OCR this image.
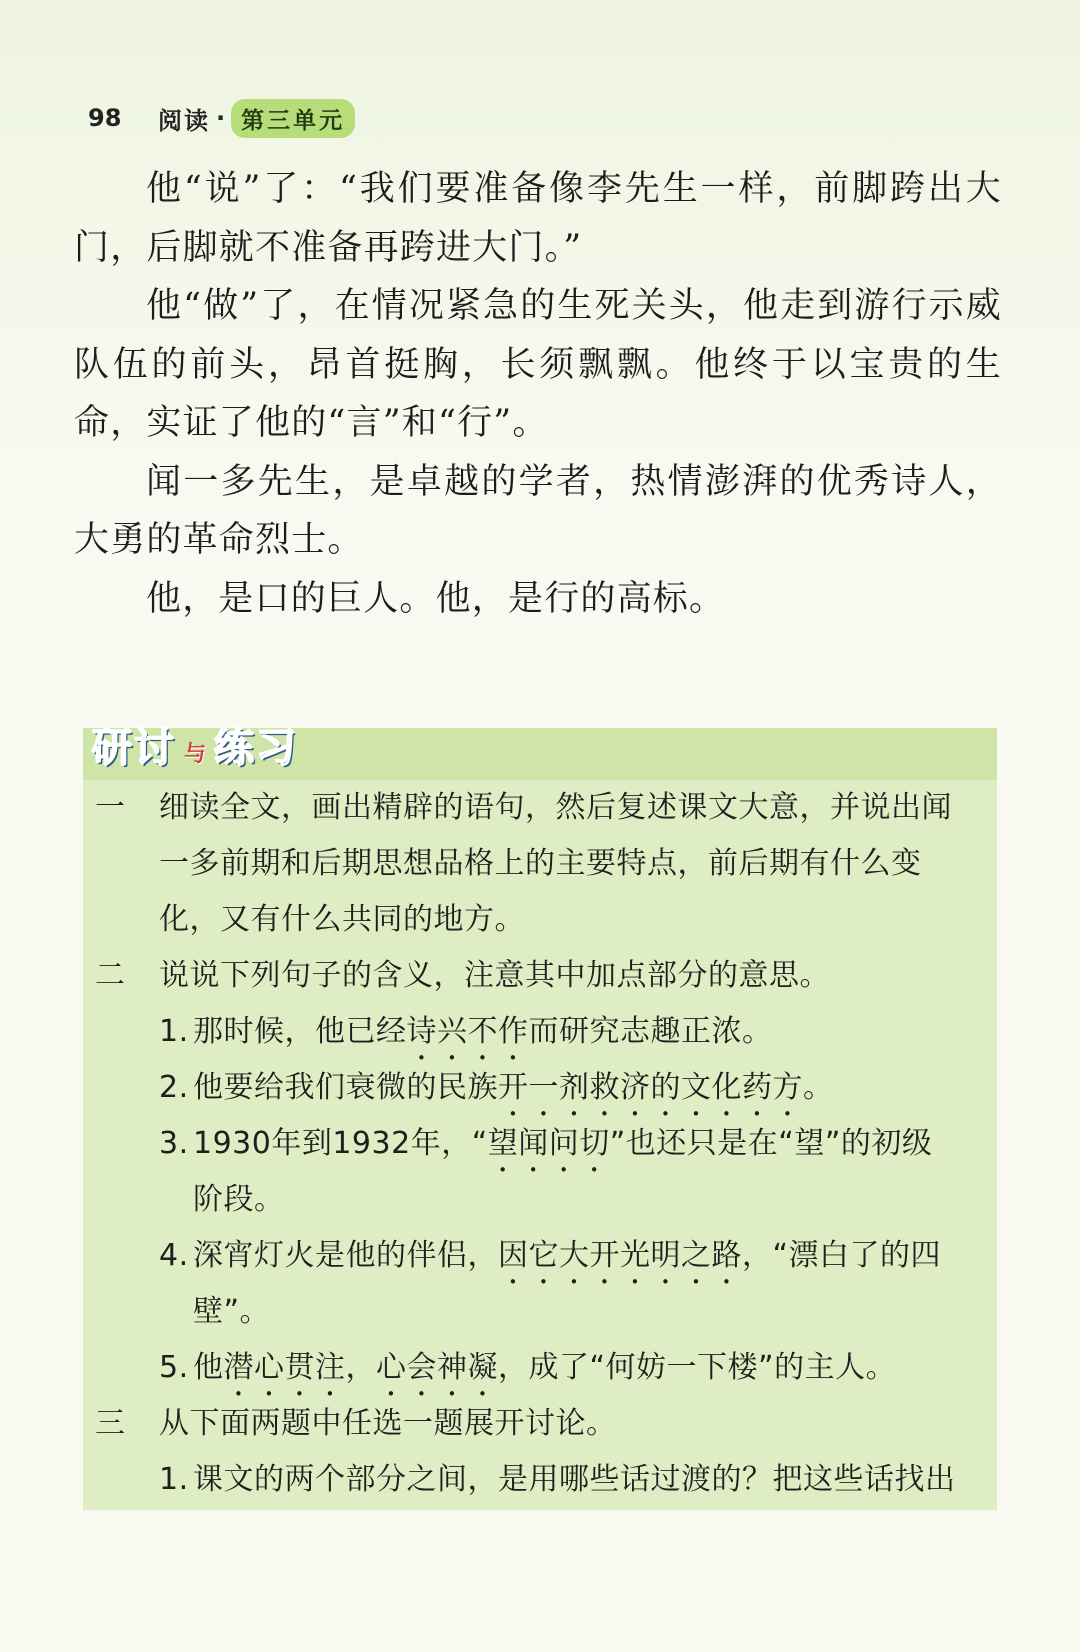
98	阅读 · 第三单元

他“说”了：“我们要准备像李先生一样，前脚跨出大门，后脚就不准备再跨进大门。”

他“做”了，在情况紧急的生死关头，他走到游行示威队伍的前头，昂首挺胸，长须飘飘。他终于以宝贵的生命，实证了他的“言”和“行”。

闻一多先生，是卓越的学者，热情澎湃的优秀诗人，大勇的革命烈士。

他，是口的巨人。他，是行的高标。

研讨 与 练习
一	细读全文，画出精辟的语句，然后复述课文大意，并说出闻
一多前期和后期思想品格上的主要特点，前后期有什么变
化，又有什么共同的地方。
二	说说下列句子的含义，注意其中加点部分的意思。
1. 那时候，他已经诗兴不作而研究志趣正浓。
2. 他要给我们衰微的民族开一剂救济的文化药方。
3. 1930年到1932年，“望闻问切”也还只是在“望”的初级
阶段。
4. 深宵灯火是他的伴侣，因它大开光明之路，“漂白了的四
壁”。
5. 他潜心贯注，心会神凝，成了“何妨一下楼”的主人。
三	从下面两题中任选一题展开讨论。
1. 课文的两个部分之间，是用哪些话过渡的？把这些话找出
